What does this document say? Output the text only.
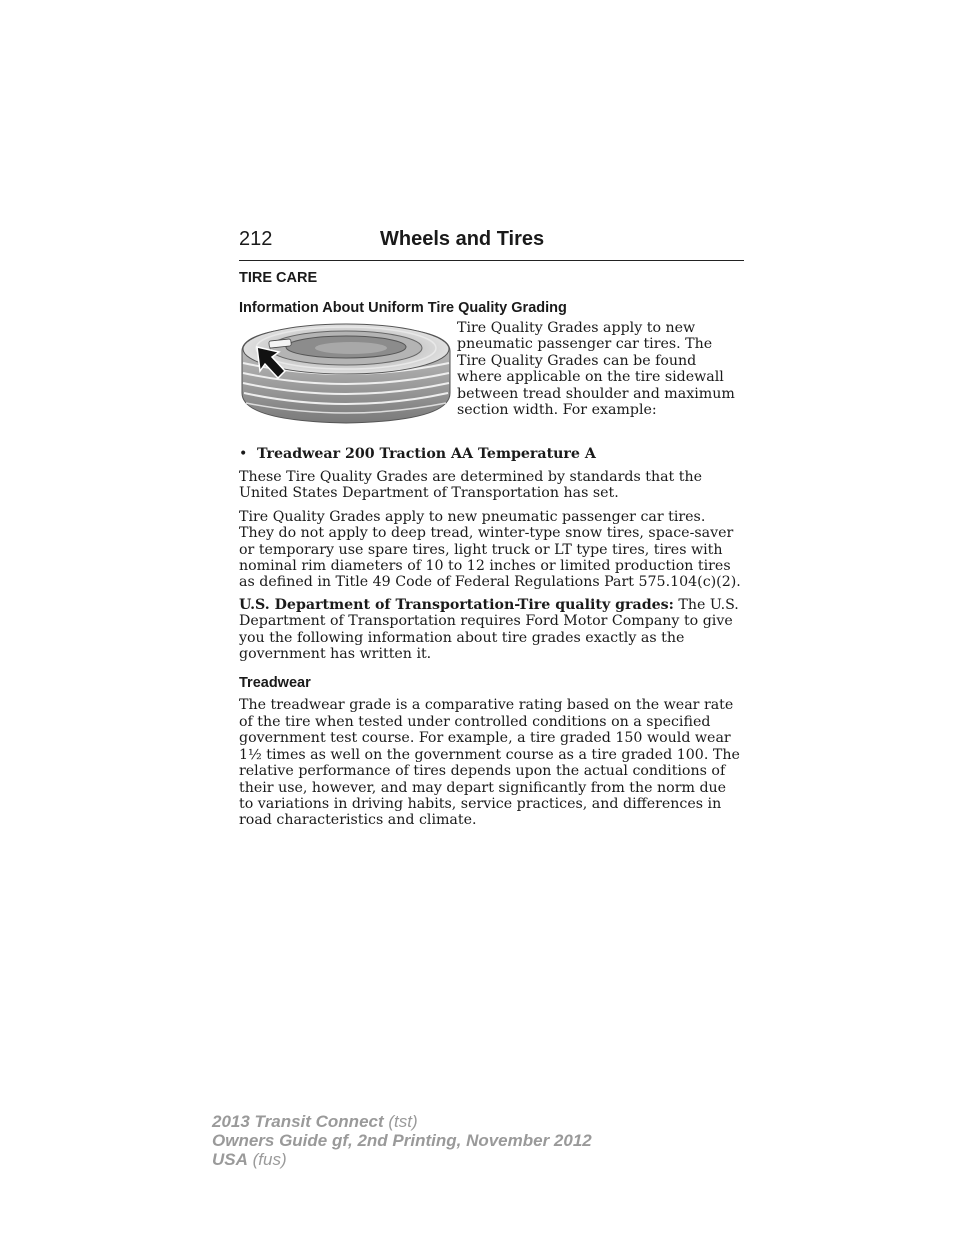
212	Wheels and Tires
TIRE CARE
Information About Uniform Tire Quality Grading
Tire Quality Grades apply to new pneumatic passenger car tires. The Tire Quality Grades can be found where applicable on the tire sidewall between tread shoulder and maximum section width. For example:
• Treadwear 200 Traction AA Temperature A

These Tire Quality Grades are determined by standards that the United States Department of Transportation has set.

Tire Quality Grades apply to new pneumatic passenger car tires. They do not apply to deep tread, winter-type snow tires, space-saver or temporary use spare tires, light truck or LT type tires, tires with nominal rim diameters of 10 to 12 inches or limited production tires as defined in Title 49 Code of Federal Regulations Part 575.104(c)(2).

U.S. Department of Transportation-Tire quality grades: The U.S. Department of Transportation requires Ford Motor Company to give you the following information about tire grades exactly as the government has written it.

Treadwear

The treadwear grade is a comparative rating based on the wear rate of the tire when tested under controlled conditions on a specified government test course. For example, a tire graded 150 would wear 1½ times as well on the government course as a tire graded 100. The relative performance of tires depends upon the actual conditions of their use, however, and may depart significantly from the norm due to variations in driving habits, service practices, and differences in road characteristics and climate.

2013 Transit Connect (tst)
Owners Guide gf, 2nd Printing, November 2012
USA (fus)
